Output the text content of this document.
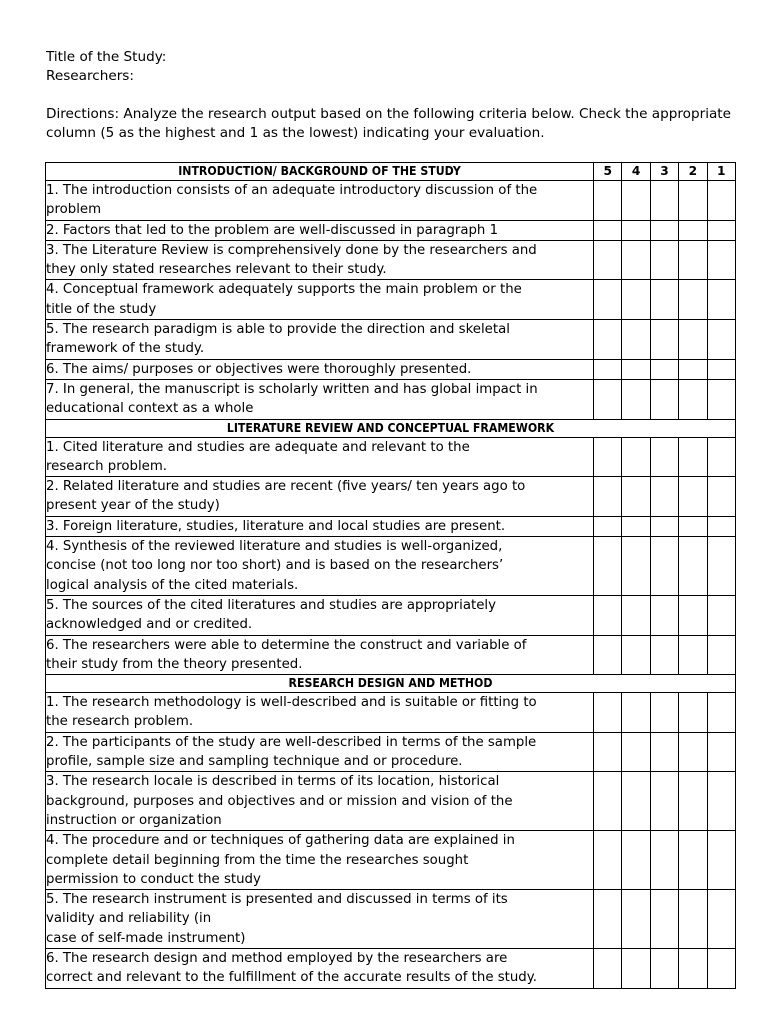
Title of the Study:

Researchers:

Directions: Analyze the research output based on the following criteria below. Check the appropriate column (5 as the highest and 1 as the lowest) indicating your evaluation.

INTRODUCTION/ BACKGROUND OF THE STUDY	5	4	3	2	1
1. The introduction consists of an adequate introductory discussion of the
problem					
2. Factors that led to the problem are well-discussed in paragraph 1					
3. The Literature Review is comprehensively done by the researchers and
they only stated researches relevant to their study.					
4. Conceptual framework adequately supports the main problem or the
title of the study					
5. The research paradigm is able to provide the direction and skeletal
framework of the study.					
6. The aims/ purposes or objectives were thoroughly presented.					
7. In general, the manuscript is scholarly written and has global impact in
educational context as a whole					
LITERATURE REVIEW AND CONCEPTUAL FRAMEWORK					
1. Cited literature and studies are adequate and relevant to the
research problem.					
2. Related literature and studies are recent (five years/ ten years ago to
present year of the study)					
3. Foreign literature, studies, literature and local studies are present.					
4. Synthesis of the reviewed literature and studies is well-organized,
concise (not too long nor too short) and is based on the researchers’
logical analysis of the cited materials.					
5. The sources of the cited literatures and studies are appropriately
acknowledged and or credited.					
6. The researchers were able to determine the construct and variable of
their study from the theory presented.					
RESEARCH DESIGN AND METHOD					
1. The research methodology is well-described and is suitable or fitting to
the research problem.					
2. The participants of the study are well-described in terms of the sample
profile, sample size and sampling technique and or procedure.					
3. The research locale is described in terms of its location, historical
background, purposes and objectives and or mission and vision of the
instruction or organization					
4. The procedure and or techniques of gathering data are explained in
complete detail beginning from the time the researches sought
permission to conduct the study					
5. The research instrument is presented and discussed in terms of its
validity and reliability (in
case of self-made instrument)					
6. The research design and method employed by the researchers are
correct and relevant to the fulfillment of the accurate results of the study.					
